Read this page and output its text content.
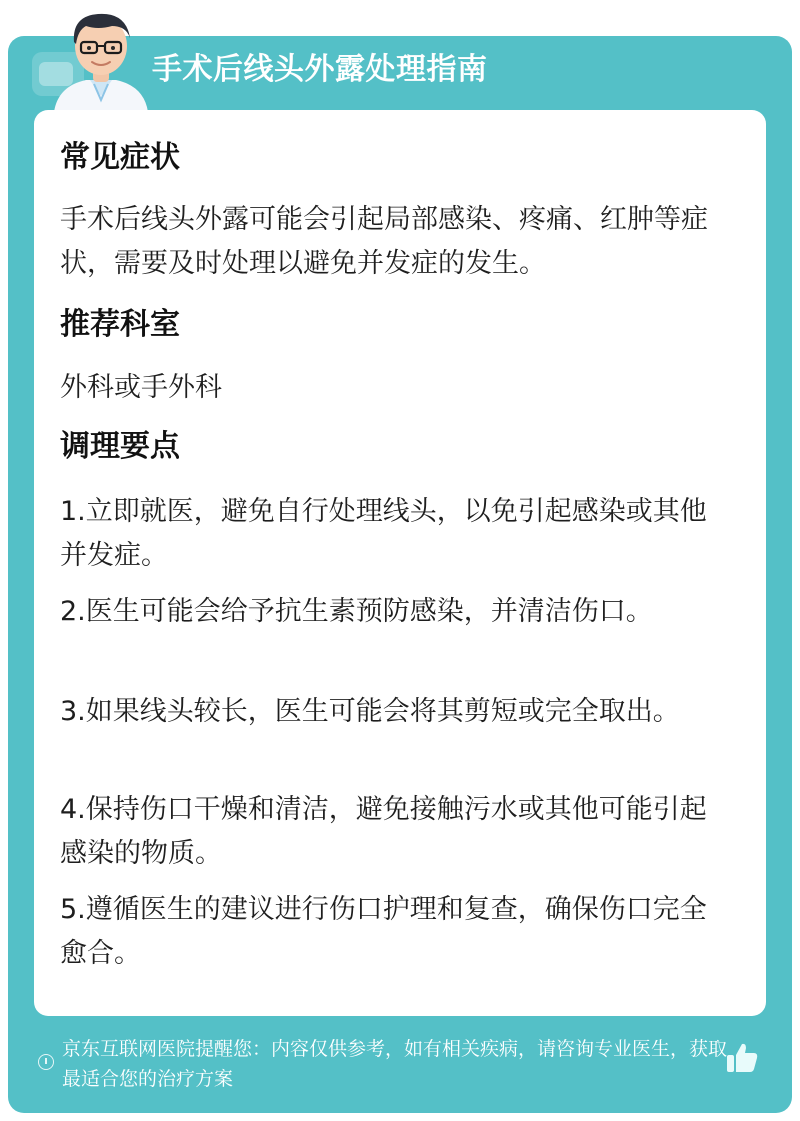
手术后线头外露处理指南
常见症状

手术后线头外露可能会引起局部感染、疼痛、红肿等症状，需要及时处理以避免并发症的发生。

推荐科室

外科或手外科

调理要点

1.立即就医，避免自行处理线头，以免引起感染或其他并发症。

2.医生可能会给予抗生素预防感染，并清洁伤口。

3.如果线头较长，医生可能会将其剪短或完全取出。

4.保持伤口干燥和清洁，避免接触污水或其他可能引起感染的物质。

5.遵循医生的建议进行伤口护理和复查，确保伤口完全愈合。

京东互联网医院提醒您：内容仅供参考，如有相关疾病，请咨询专业医生，获取最适合您的治疗方案
